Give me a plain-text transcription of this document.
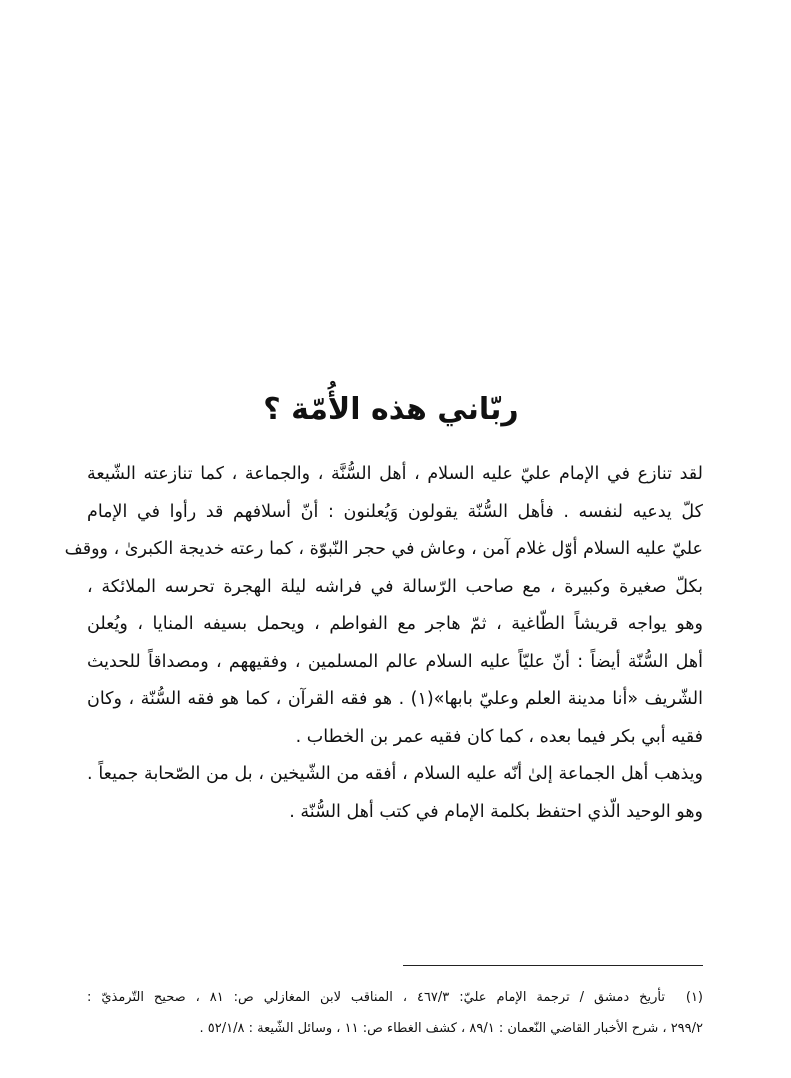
ربّاني هذه الأُمّة ؟

لقد تنازع في الإمام عليّ عليه السلام ، أهل السُّنَّة ، والجماعة ، كما تنازعته الشّيعة
كلّ يدعيه لنفسه . فأهل السُّنّة يقولون وَيُعلنون : أنّ أسلافهم قد رأوا في الإمام
عليّ عليه السلام أوّل غلام آمن ، وعاش في حجر النّبوّة ، كما رعته خديجة الكبرىٰ ، ووقف
بكلّ صغيرة وكبيرة ، مع صاحب الرّسالة في فراشه ليلة الهجرة تحرسه الملائكة ،
وهو يواجه قريشاً الطّاغية ، ثمّ هاجر مع الفواطم ، ويحمل بسيفه المنايا ، ويُعلن
أهل السُّنّة أيضاً : أنّ عليّاً عليه السلام عالم المسلمين ، وفقيههم ، ومصداقاً للحديث
الشّريف «أنا مدينة العلم وعليّ بابها»(١) . هو فقه القرآن ، كما هو فقه السُّنّة ، وكان
فقيه أبي بكر فيما بعده ، كما كان فقيه عمر بن الخطاب .

ويذهب أهل الجماعة إلىٰ أنّه عليه السلام ، أفقه من الشّيخين ، بل من الصّحابة جميعاً .
وهو الوحيد الّذي احتفظ بكلمة الإمام في كتب أهل السُّنّة .

(١)تأريخ دمشق / ترجمة الإمام عليّ: ٤٦٧/٣ ، المناقب لابن المغازلي ص: ٨١ ، صحيح التّرمذيّ :
٢٩٩/٢ ، شرح الأخبار القاضي النّعمان : ٨٩/١ ، كشف الغطاء ص: ١١ ، وسائل الشّيعة : ٥٢/١/٨ .
